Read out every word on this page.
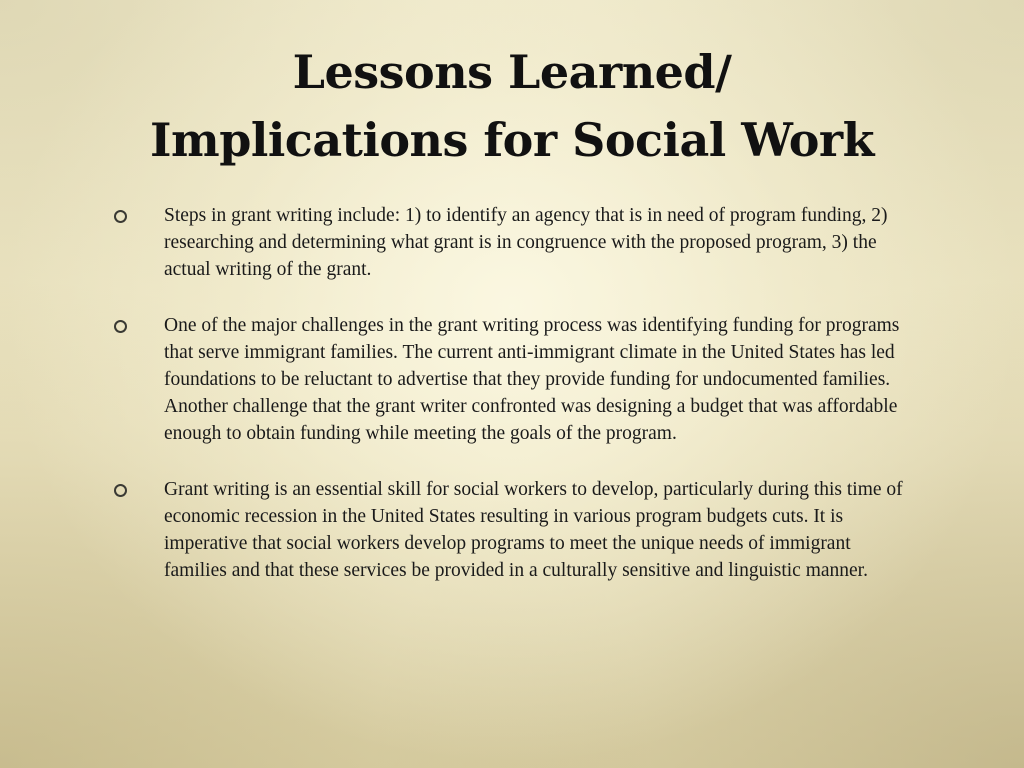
Lessons Learned/
Implications for Social Work
Steps in grant writing include: 1) to identify an agency that is in need of program funding, 2) researching and determining what grant is in congruence with the proposed program, 3) the actual writing of the grant.
One of the major challenges in the grant writing process was identifying funding for programs that serve immigrant families. The current anti-immigrant climate in the United States has led foundations to be reluctant to advertise that they provide funding for undocumented families. Another challenge that the grant writer confronted was designing a budget that was affordable enough to obtain funding while meeting the goals of the program.
Grant writing is an essential skill for social workers to develop, particularly during this time of economic recession in the United States resulting in various program budgets cuts. It is imperative that social workers develop programs to meet the unique needs of immigrant families and that these services be provided in a culturally sensitive and linguistic manner.
